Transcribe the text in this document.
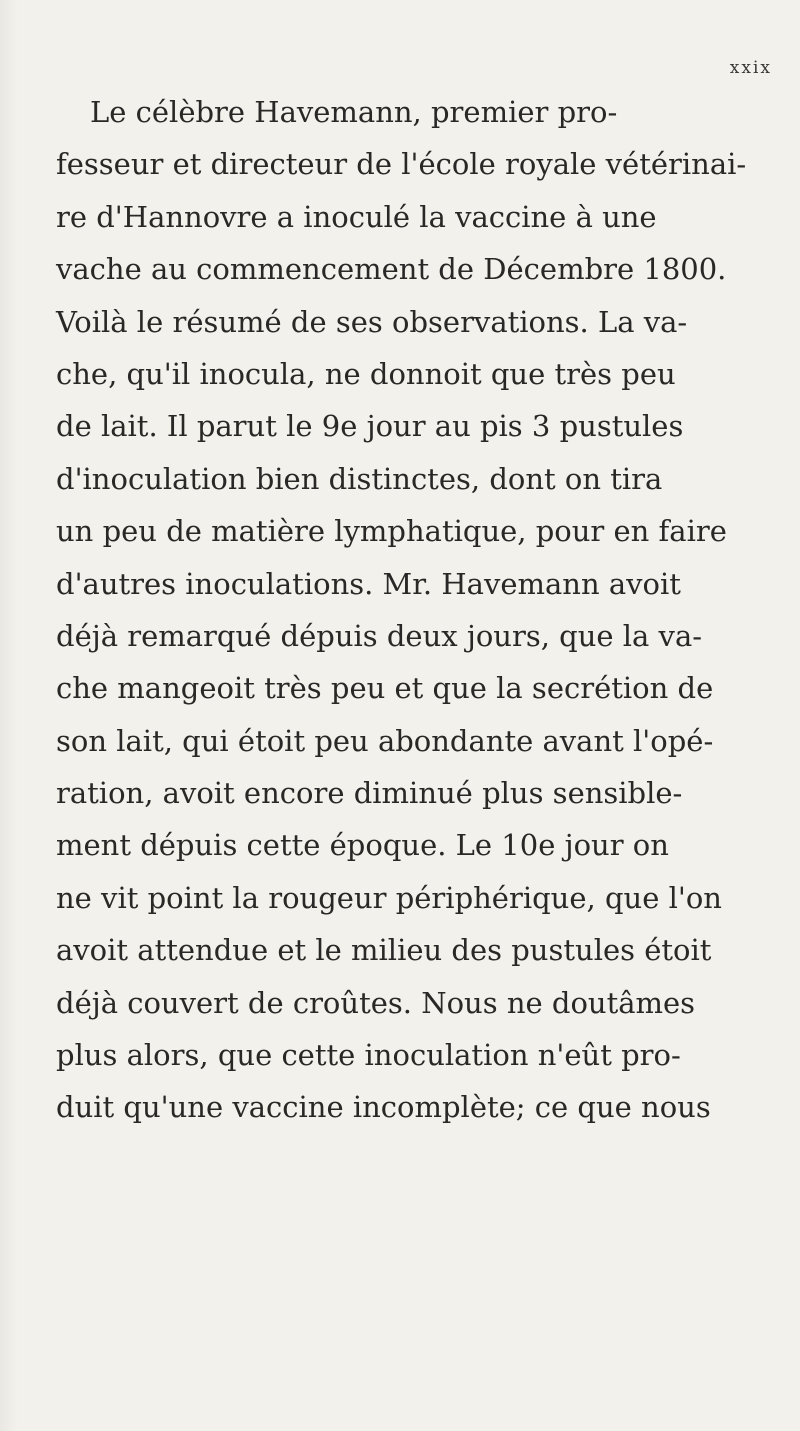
xxix
Le célèbre Havemann, premier pro-
fesseur et directeur de l'école royale vétérinai-
re d'Hannovre a inoculé la vaccine à une
vache au commencement de Décembre 1800.
Voilà le résumé de ses observations. La va-
che, qu'il inocula, ne donnoit que très peu
de lait. Il parut le 9e jour au pis 3 pustules
d'inoculation bien distinctes, dont on tira
un peu de matière lymphatique, pour en faire
d'autres inoculations. Mr. Havemann avoit
déjà remarqué dépuis deux jours, que la va-
che mangeoit très peu et que la secrétion de
son lait, qui étoit peu abondante avant l'opé-
ration, avoit encore diminué plus sensible-
ment dépuis cette époque. Le 10e jour on
ne vit point la rougeur périphérique, que l'on
avoit attendue et le milieu des pustules étoit
déjà couvert de croûtes. Nous ne doutâmes
plus alors, que cette inoculation n'eût pro-
duit qu'une vaccine incomplète; ce que nous
